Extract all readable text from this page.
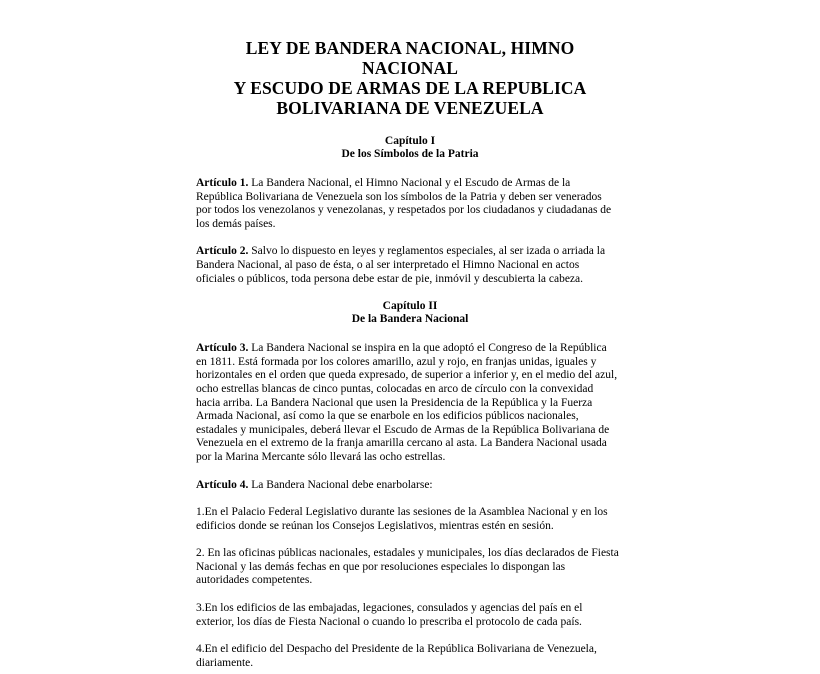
LEY DE BANDERA NACIONAL, HIMNO NACIONAL
Y ESCUDO DE ARMAS DE LA REPUBLICA
BOLIVARIANA DE VENEZUELA
Capítulo I
De los Símbolos de la Patria
Artículo 1. La Bandera Nacional, el Himno Nacional y el Escudo de Armas de la
República Bolivariana de Venezuela son los símbolos de la Patria y deben ser venerados
por todos los venezolanos y venezolanas, y respetados por los ciudadanos y ciudadanas de
los demás países.
Artículo 2. Salvo lo dispuesto en leyes y reglamentos especiales, al ser izada o arriada la
Bandera Nacional, al paso de ésta, o al ser interpretado el Himno Nacional en actos
oficiales o públicos, toda persona debe estar de pie, inmóvil y descubierta la cabeza.
Capítulo II
De la Bandera Nacional
Artículo 3. La Bandera Nacional se inspira en la que adoptó el Congreso de la República
en 1811. Está formada por los colores amarillo, azul y rojo, en franjas unidas, iguales y
horizontales en el orden que queda expresado, de superior a inferior y, en el medio del azul,
ocho estrellas blancas de cinco puntas, colocadas en arco de círculo con la convexidad
hacia arriba. La Bandera Nacional que usen la Presidencia de la República y la Fuerza
Armada Nacional, así como la que se enarbole en los edificios públicos nacionales,
estadales y municipales, deberá llevar el Escudo de Armas de la República Bolivariana de
Venezuela en el extremo de la franja amarilla cercano al asta. La Bandera Nacional usada
por la Marina Mercante sólo llevará las ocho estrellas.
Artículo 4. La Bandera Nacional debe enarbolarse:
1.En el Palacio Federal Legislativo durante las sesiones de la Asamblea Nacional y en los
edificios donde se reúnan los Consejos Legislativos, mientras estén en sesión.
2. En las oficinas públicas nacionales, estadales y municipales, los días declarados de Fiesta
Nacional y las demás fechas en que por resoluciones especiales lo dispongan las
autoridades competentes.
3.En los edificios de las embajadas, legaciones, consulados y agencias del país en el
exterior, los días de Fiesta Nacional o cuando lo prescriba el protocolo de cada país.
4.En el edificio del Despacho del Presidente de la República Bolivariana de Venezuela,
diariamente.
